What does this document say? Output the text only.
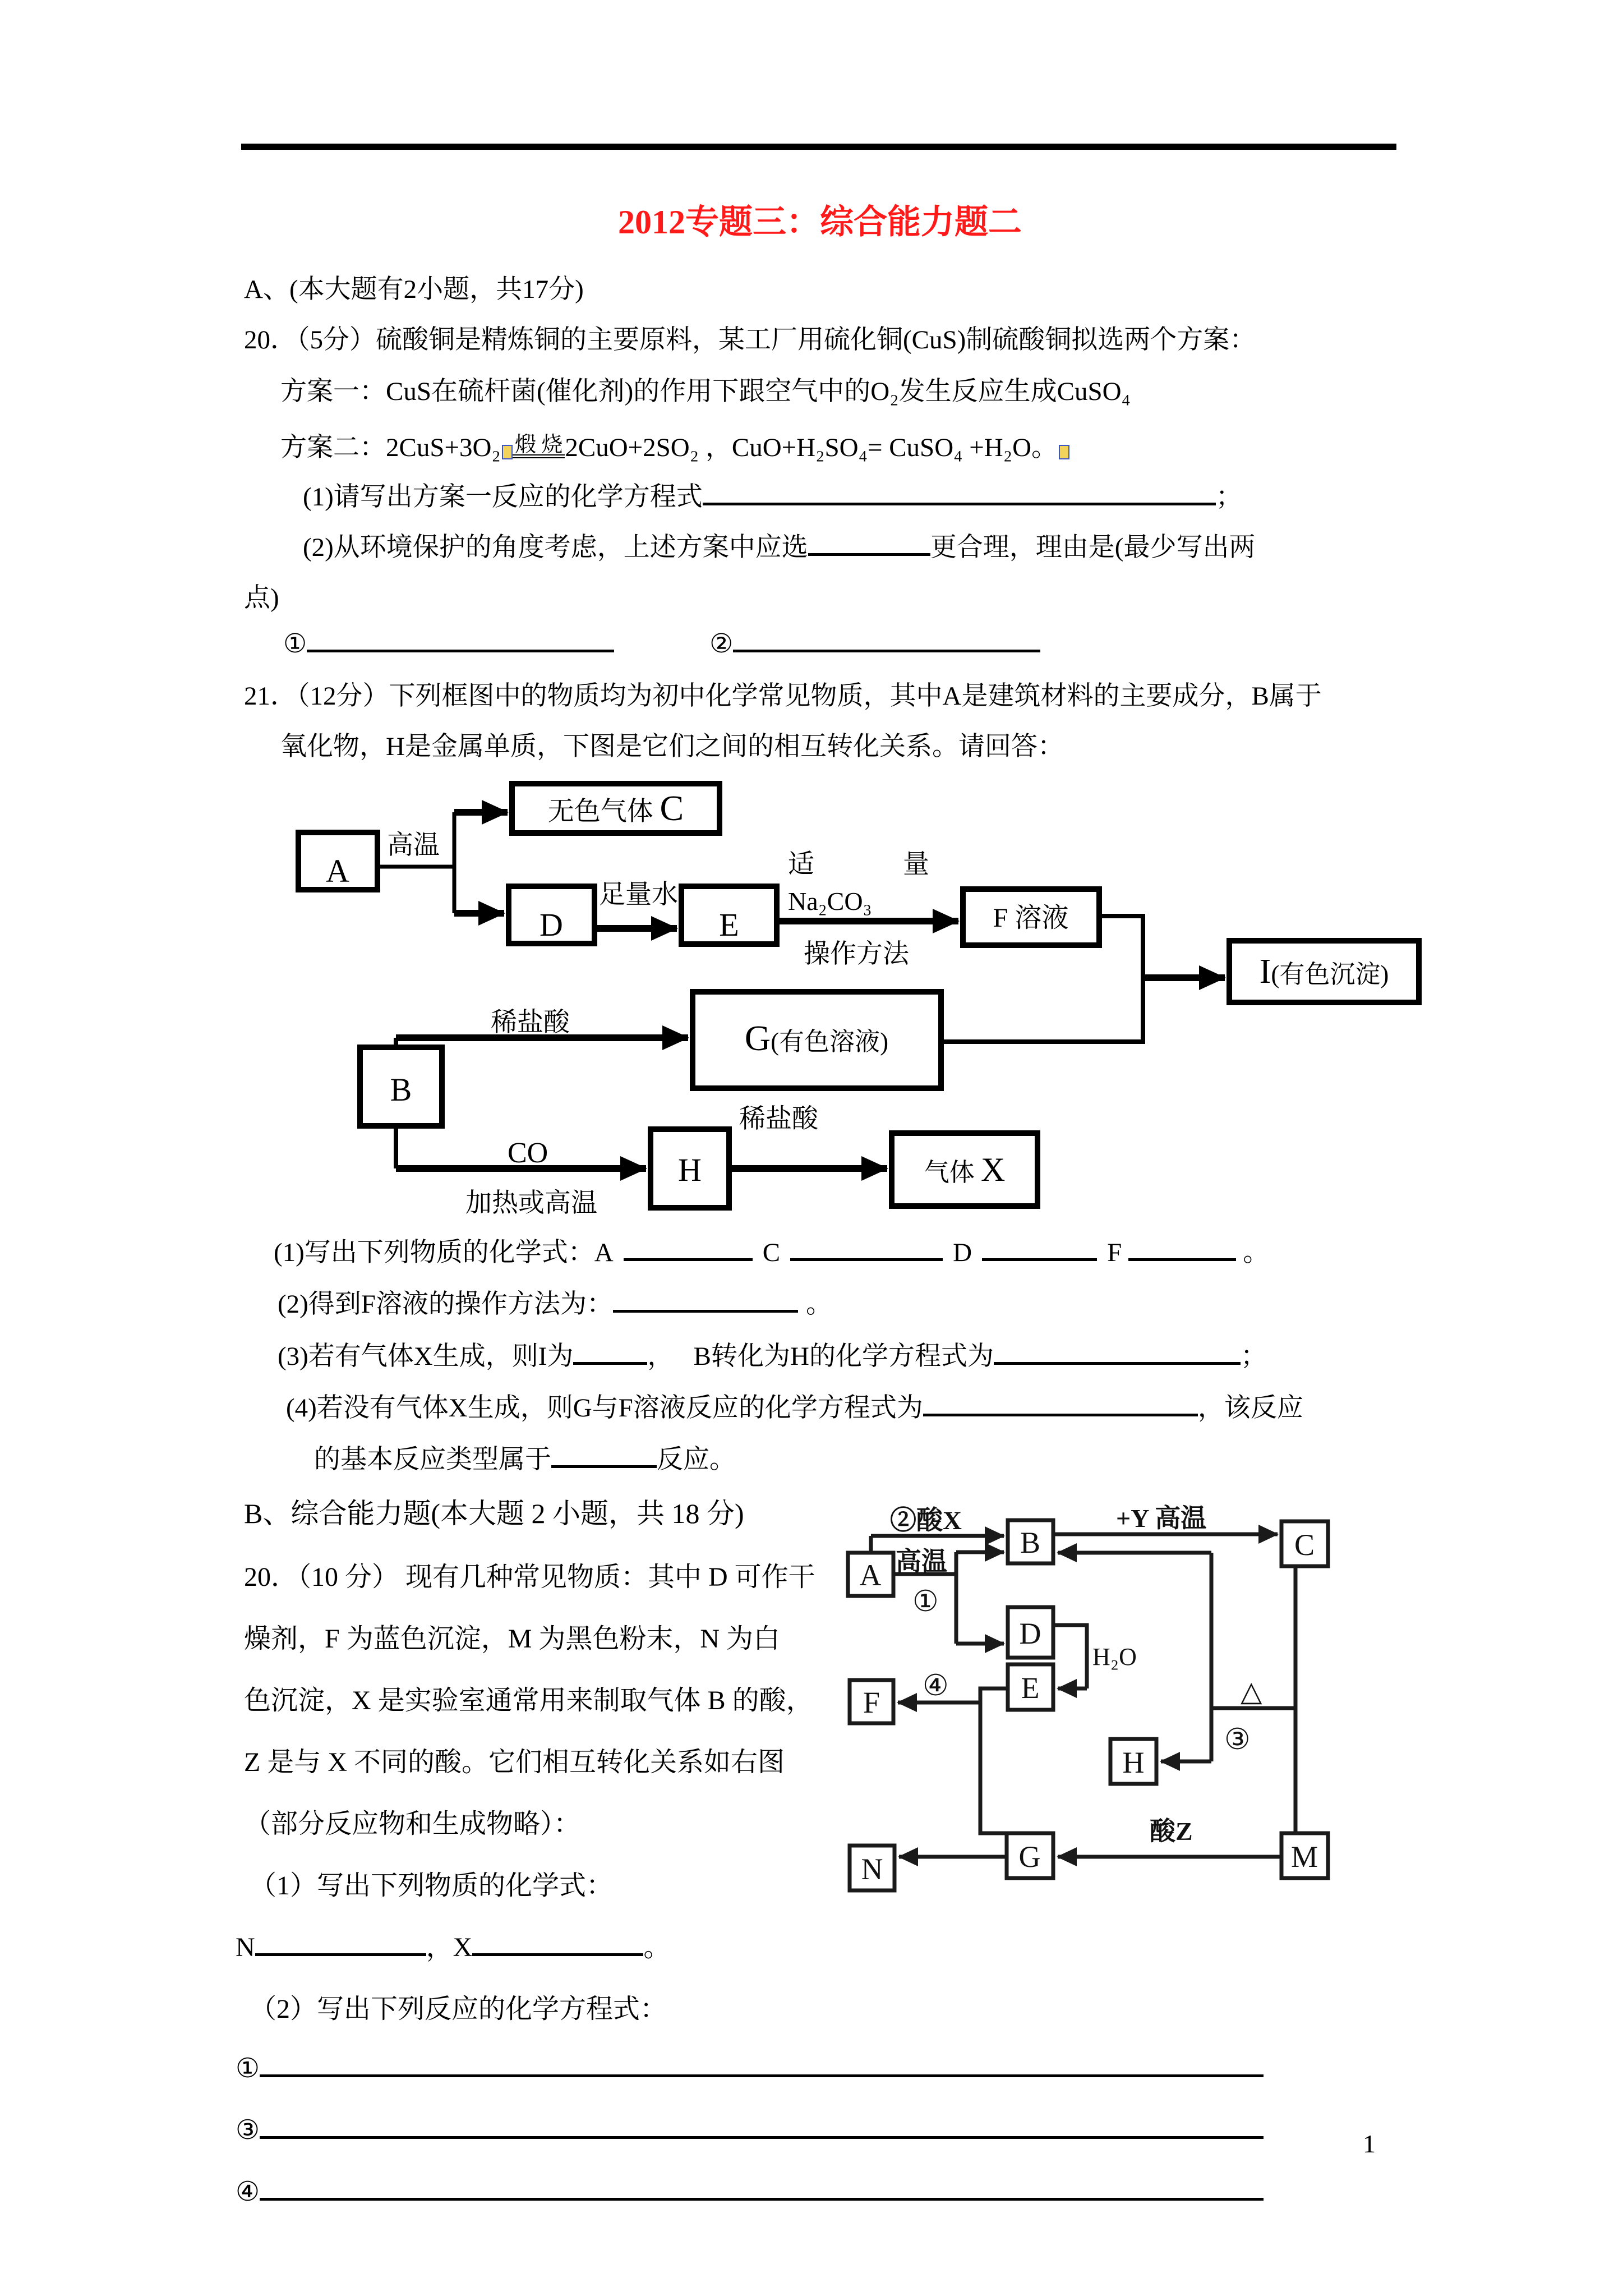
2012专题三：综合能力题二
A、(本大题有2小题，共17分)
20．（5分）硫酸铜是精炼铜的主要原料，某工厂用硫化铜(CuS)制硫酸铜拟选两个方案：
方案一：CuS在硫杆菌(催化剂)的作用下跟空气中的O₂发生反应生成CuSO₄
方案二：2CuS+3O₂ 煅 烧 2CuO+2SO₂ ，CuO+H₂SO₄= CuSO₄ +H₂O。
(1)请写出方案一反应的化学方程式	；
(2)从环境保护的角度考虑，上述方案中应选	更合理，理由是(最少写出两
点)
①	②
21．（12分）下列框图中的物质均为初中化学常见物质，其中A是建筑材料的主要成分，B属于
氧化物，H是金属单质，下图是它们之间的相互转化关系。请回答：
A
无色气体 C
D	E	F 溶液
I(有色沉淀)
G(有色溶液)
B
H	气体 X
高温
足量水
适	量
Na₂CO₃
操作方法
稀盐酸
CO
加热或高温
稀盐酸
(1)写出下列物质的化学式：A	C	D	F	。
(2)得到F溶液的操作方法为：	。
(3)若有气体X生成，则I为	，　 B转化为H的化学方程式为	；
(4)若没有气体X生成，则G与F溶液反应的化学方程式为	，该反应
的基本反应类型属于	反应。
B、综合能力题(本大题 2 小题，共 18 分)
20．（10 分） 现有几种常见物质：其中 D 可作干
燥剂，F 为蓝色沉淀，M 为黑色粉末，N 为白
色沉淀，X 是实验室通常用来制取气体 B 的酸，
Z 是与 X 不同的酸。它们相互转化关系如右图
（部分反应物和生成物略）：
（1）写出下列物质的化学式：
N	，X	。
（2）写出下列反应的化学方程式：
①
③
④
A
B	C
D
E
F
H
G
N	M
②酸X
高温
①
+Y 高温
H₂O
△
③
④
酸Z
1
